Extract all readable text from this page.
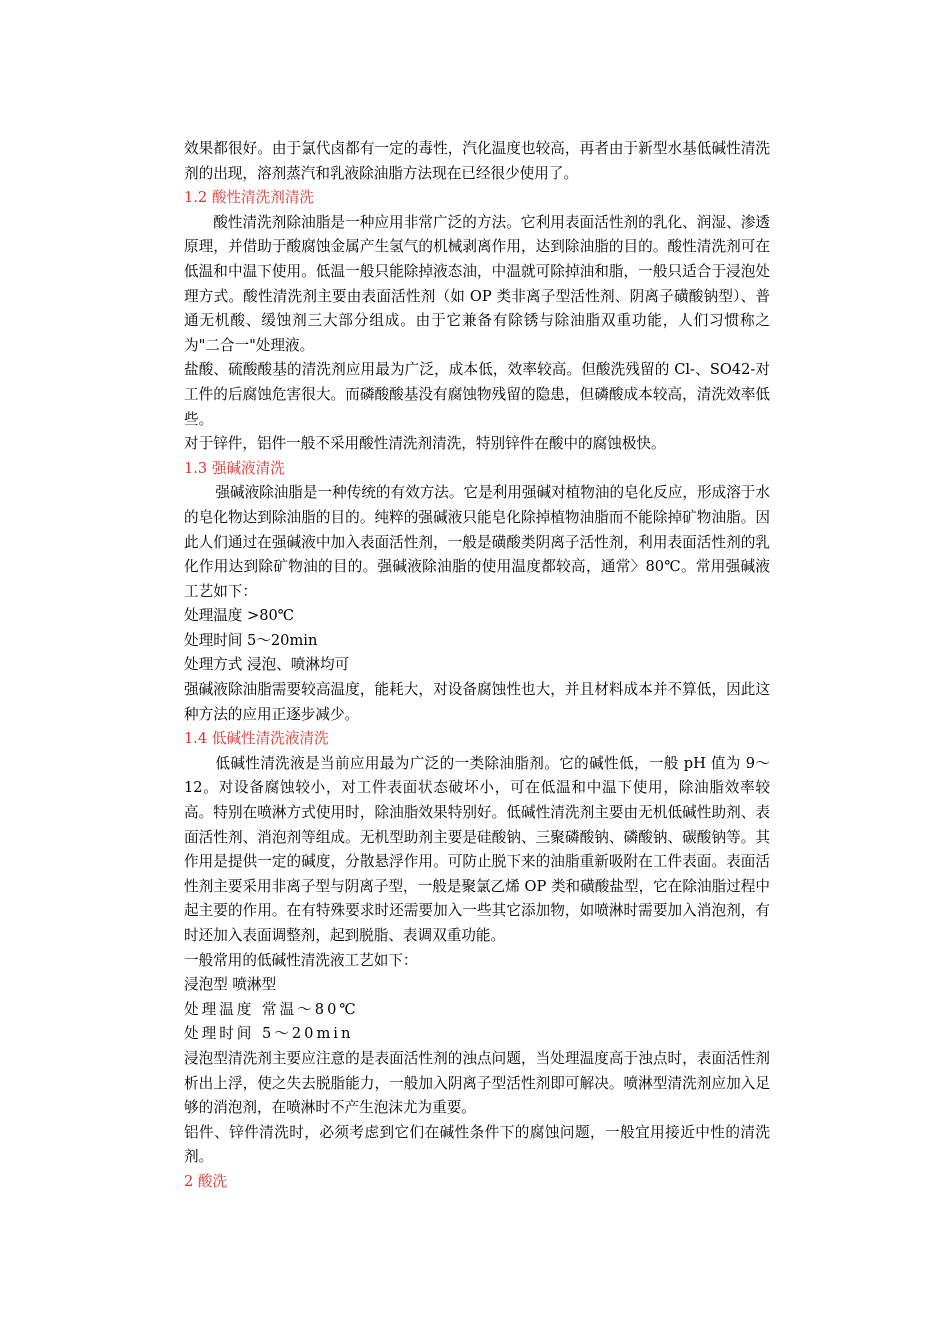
效果都很好。由于氯代卤都有一定的毒性，汽化温度也较高，再者由于新型水基低碱性清洗剂的出现，溶剂蒸汽和乳液除油脂方法现在已经很少使用了。

1.2 酸性清洗剂清洗

酸性清洗剂除油脂是一种应用非常广泛的方法。它利用表面活性剂的乳化、润湿、渗透原理，并借助于酸腐蚀金属产生氢气的机械剥离作用，达到除油脂的目的。酸性清洗剂可在低温和中温下使用。低温一般只能除掉液态油，中温就可除掉油和脂，一般只适合于浸泡处理方式。酸性清洗剂主要由表面活性剂（如 OP 类非离子型活性剂、阴离子磺酸钠型）、普通无机酸、缓蚀剂三大部分组成。由于它兼备有除锈与除油脂双重功能，人们习惯称之为"二合一"处理液。

盐酸、硫酸酸基的清洗剂应用最为广泛，成本低，效率较高。但酸洗残留的 Cl-、SO42-对工件的后腐蚀危害很大。而磷酸酸基没有腐蚀物残留的隐患，但磷酸成本较高，清洗效率低些。

对于锌件，铝件一般不采用酸性清洗剂清洗，特别锌件在酸中的腐蚀极快。

1.3 强碱液清洗

强碱液除油脂是一种传统的有效方法。它是利用强碱对植物油的皂化反应，形成溶于水的皂化物达到除油脂的目的。纯粹的强碱液只能皂化除掉植物油脂而不能除掉矿物油脂。因此人们通过在强碱液中加入表面活性剂，一般是磺酸类阴离子活性剂，利用表面活性剂的乳化作用达到除矿物油的目的。强碱液除油脂的使用温度都较高，通常〉80℃。常用强碱液工艺如下：

处理温度 >80℃

处理时间 5～20min

处理方式 浸泡、喷淋均可

强碱液除油脂需要较高温度，能耗大，对设备腐蚀性也大，并且材料成本并不算低，因此这种方法的应用正逐步减少。

1.4 低碱性清洗液清洗

低碱性清洗液是当前应用最为广泛的一类除油脂剂。它的碱性低，一般 pH 值为 9～12。对设备腐蚀较小，对工件表面状态破坏小，可在低温和中温下使用，除油脂效率较高。特别在喷淋方式使用时，除油脂效果特别好。低碱性清洗剂主要由无机低碱性助剂、表面活性剂、消泡剂等组成。无机型助剂主要是硅酸钠、三聚磷酸钠、磷酸钠、碳酸钠等。其作用是提供一定的碱度，分散悬浮作用。可防止脱下来的油脂重新吸附在工件表面。表面活性剂主要采用非离子型与阴离子型，一般是聚氯乙烯 OP 类和磺酸盐型，它在除油脂过程中起主要的作用。在有特殊要求时还需要加入一些其它添加物，如喷淋时需要加入消泡剂，有时还加入表面调整剂，起到脱脂、表调双重功能。

一般常用的低碱性清洗液工艺如下：

浸泡型 喷淋型

处理温度 常温～80℃

处理时间 5～20min

浸泡型清洗剂主要应注意的是表面活性剂的浊点问题，当处理温度高于浊点时，表面活性剂析出上浮，使之失去脱脂能力，一般加入阴离子型活性剂即可解决。喷淋型清洗剂应加入足够的消泡剂，在喷淋时不产生泡沫尤为重要。

铝件、锌件清洗时，必须考虑到它们在碱性条件下的腐蚀问题，一般宜用接近中性的清洗剂。

2 酸洗
